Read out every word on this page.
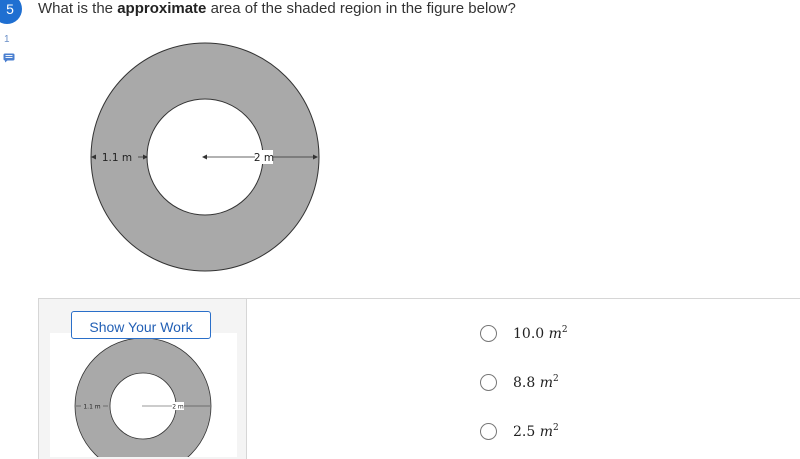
5
1
What is the approximate area of the shaded region in the figure below?
1.1 m	2 m
1.1 m	2 m
Show Your Work	10.0 $m^2$
8.8 $m^2$
2.5 $m^2$
